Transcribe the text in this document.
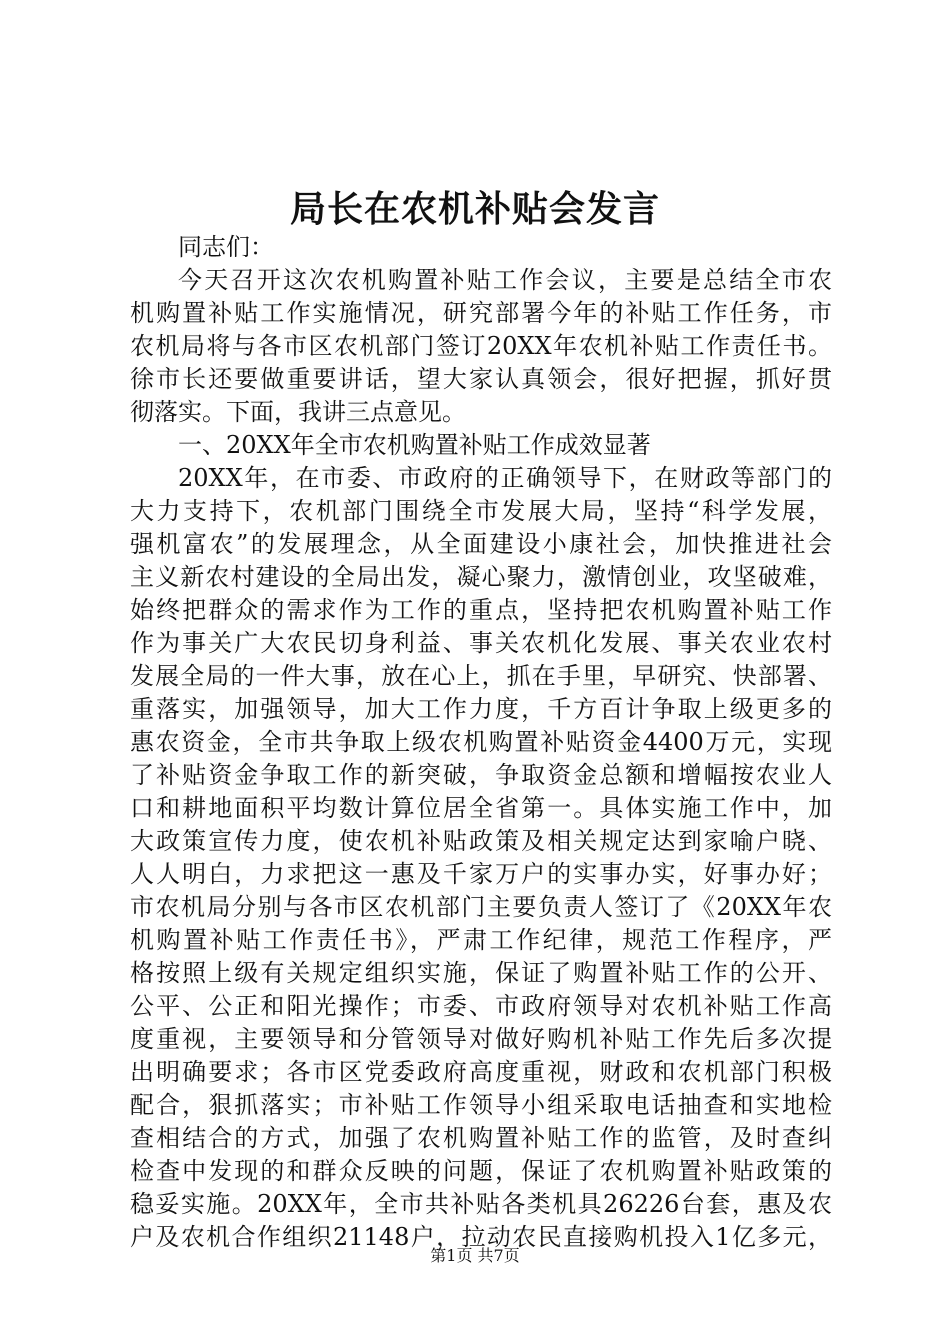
局长在农机补贴会发言
同志们：
今天召开这次农机购置补贴工作会议，主要是总结全市农
机购置补贴工作实施情况，研究部署今年的补贴工作任务，市
农机局将与各市区农机部门签订20XX年农机补贴工作责任书。
徐市长还要做重要讲话，望大家认真领会，很好把握，抓好贯
彻落实。下面，我讲三点意见。
一、20XX年全市农机购置补贴工作成效显著
20XX年，在市委、市政府的正确领导下，在财政等部门的
大力支持下，农机部门围绕全市发展大局，坚持“科学发展，
强机富农”的发展理念，从全面建设小康社会，加快推进社会
主义新农村建设的全局出发，凝心聚力，激情创业，攻坚破难，
始终把群众的需求作为工作的重点，坚持把农机购置补贴工作
作为事关广大农民切身利益、事关农机化发展、事关农业农村
发展全局的一件大事，放在心上，抓在手里，早研究、快部署、
重落实，加强领导，加大工作力度，千方百计争取上级更多的
惠农资金，全市共争取上级农机购置补贴资金4400万元，实现
了补贴资金争取工作的新突破，争取资金总额和增幅按农业人
口和耕地面积平均数计算位居全省第一。具体实施工作中，加
大政策宣传力度，使农机补贴政策及相关规定达到家喻户晓、
人人明白，力求把这一惠及千家万户的实事办实，好事办好；
市农机局分别与各市区农机部门主要负责人签订了《20XX年农
机购置补贴工作责任书》，严肃工作纪律，规范工作程序，严
格按照上级有关规定组织实施，保证了购置补贴工作的公开、
公平、公正和阳光操作；市委、市政府领导对农机补贴工作高
度重视，主要领导和分管领导对做好购机补贴工作先后多次提
出明确要求；各市区党委政府高度重视，财政和农机部门积极
配合，狠抓落实；市补贴工作领导小组采取电话抽查和实地检
查相结合的方式，加强了农机购置补贴工作的监管，及时查纠
检查中发现的和群众反映的问题，保证了农机购置补贴政策的
稳妥实施。20XX年，全市共补贴各类机具26226台套，惠及农
户及农机合作组织21148户，拉动农民直接购机投入1亿多元，
第1页 共7页
